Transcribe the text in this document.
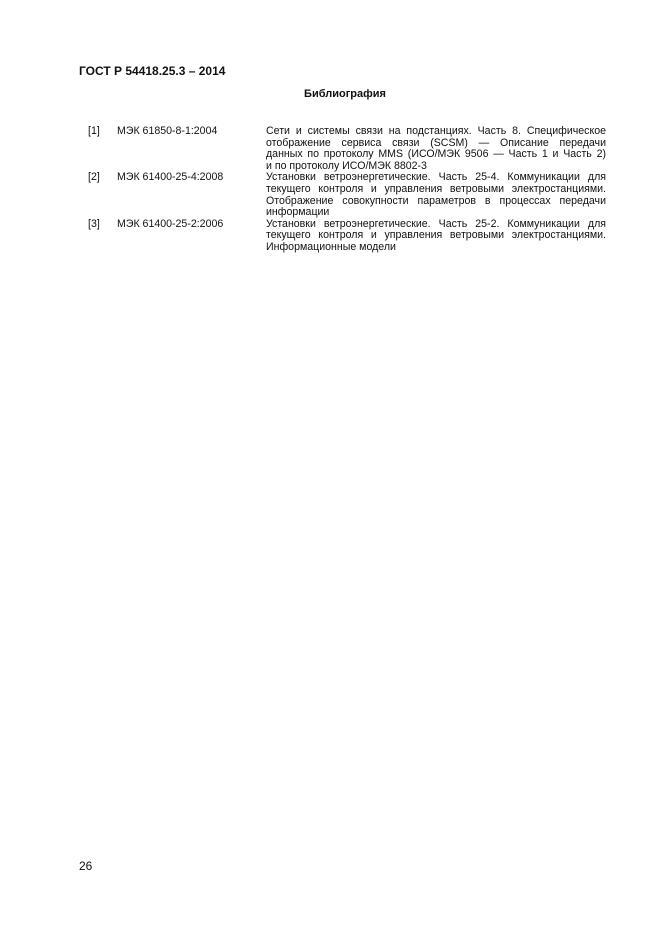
ГОСТ Р 54418.25.3 – 2014
Библиография
[1] МЭК 61850-8-1:2004	Сети и системы связи на подстанциях. Часть 8. Специфическое
отображение сервиса связи (SCSM) — Описание передачи
данных по протоколу MMS (ИСО/МЭК 9506 — Часть 1 и Часть 2)
и по протоколу ИСО/МЭК 8802-3
[2] МЭК 61400-25-4:2008	Установки ветроэнергетические. Часть 25-4. Коммуникации для
текущего контроля и управления ветровыми электростанциями.
Отображение совокупности параметров в процессах передачи
информации
[3] МЭК 61400-25-2:2006	Установки ветроэнергетические. Часть 25-2. Коммуникации для
текущего контроля и управления ветровыми электростанциями.
Информационные модели
26
